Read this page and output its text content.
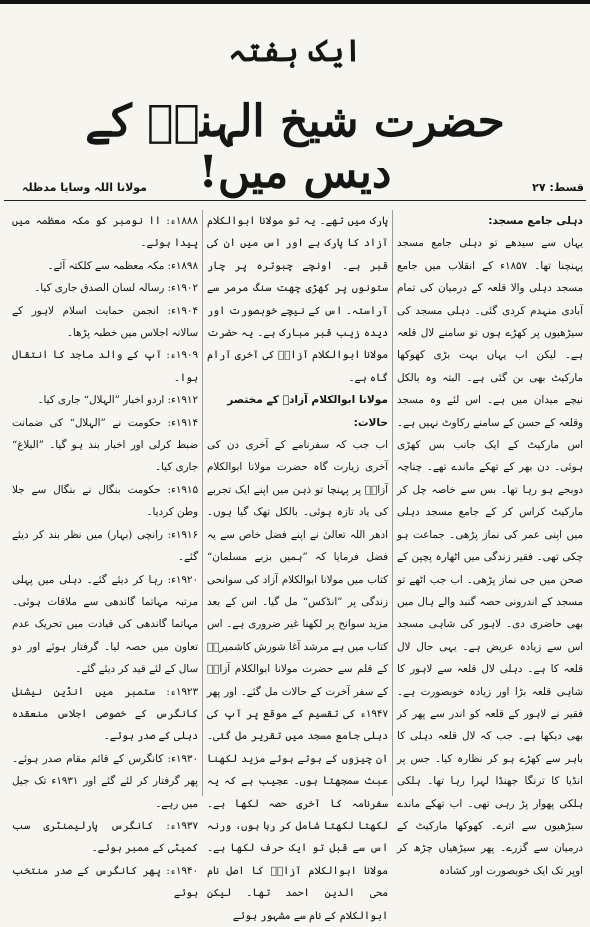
ایک ہفتہ
حضرت شیخ الہندؒ کے دیس میں!	قسط: ۲۷
مولانا اللہ وسایا مدظلہ

دہلی جامع مسجد:

یہاں سے سیدھے تو دہلی جامع مسجد پہنچنا تھا۔ ۱۸۵۷ء کے انقلاب میں جامع مسجد دہلی والا قلعہ کے درمیان کی تمام آبادی منہدم کردی گئی۔ دہلی مسجد کی سیڑھیوں پر کھڑے ہوں تو سامنے لال قلعہ ہے۔ لیکن اب یہاں بہت بڑی کھوکھا مارکیٹ بھی بن گئی ہے۔ البتہ وہ بالکل نیچے میدان میں ہے۔ اس لئے وہ مسجد وقلعہ کے حسن کے سامنے رکاوٹ نہیں ہے۔ اس مارکیٹ کے ایک جانب بس کھڑی ہوئی۔ دن بھر کے تھکے ماندے تھے۔ چناچہ دوبجے ہو رہا تھا۔ بس سے خاصہ چل کر مارکیٹ کراس کر کے جامع مسجد دہلی میں اپنی عمر کی نماز پڑھی۔ جماعت ہو چکی تھی۔ فقیر زندگی میں اٹھارہ پچپن کے صحن میں جی نماز پڑھی۔ اب جب اٹھے تو مسجد کے اندرونی حصہ گنبد والے ہال میں بھی حاضری دی۔ لاہور کی شاہی مسجد اس سے زیادہ عریض ہے۔ یہی حال لال قلعہ کا ہے۔ دہلی لال قلعہ سے لاہور کا شاہی قلعہ بڑا اور زیادہ خوبصورت ہے۔ فقیر نے لاہور کے قلعہ کو اندر سے پھر کر بھی دیکھا ہے۔ جب کہ لال قلعہ دہلی کا باہر سے کھڑے ہو کر نظارہ کیا۔ جس پر انڈیا کا ترنگا جھنڈا لہرا رہا تھا۔ ہلکی ہلکی پھوار پڑ رہی تھی۔ اب تھکے ماندے سیڑھیوں سے اترے۔ کھوکھا مارکیٹ کے درمیان سے گزرے۔ پھر سیڑھیاں چڑھ کر اوپر تک ایک خوبصورت اور کشادہ

پارک میں تھے۔ یہ تو مولانا ابوالکلام آزاد کا پارک ہے اور اس میں ان کی قبر ہے۔ اونچے چبوترہ پر چار ستونوں پر کھڑی چھت سنگ مرمر سے آراستہ۔ اس کے نیچے خوبصورت اور دیدہ زیب قبر مبارک ہے۔ یہ حضرت مولانا ابوالکلام آزادؒ کی آخری آرام گاہ ہے۔

مولانا ابوالکلام آزادؒ کے مختصر حالات:

اب جب کہ سفرنامے کے آخری دن کی آخری زیارت گاہ حضرت مولانا ابوالکلام آزادؒ پر پہنچا تو ذہن میں اپنے ایک تجربے کی یاد تازہ ہوئی۔ بالکل تھک گیا ہوں۔ ادھر اللہ تعالیٰ نے اپنے فضل خاص سے یہ فضل فرمایا کہ ”ہمیں بزبے مسلمان“ کتاب میں مولانا ابوالکلام آزاد کی سوانحی زندگی پر ”انڈکس“ مل گیا۔ اس کے بعد مزید سوانح پر لکھنا غیر ضروری ہے۔ اس کتاب میں ہے مرشد آغا شورش کاشمیریؒ کے قلم سے حضرت مولانا ابوالکلام آزادؒ کے سفر آخرت کے حالات مل گئے۔ اور پھر ۱۹۴۷ء کی تقسیم کے موقع پر آپ کی دہلی جامع مسجد میں تقریر مل گئی۔ ان چیزوں کے ہوتے ہوئے مزید لکھنا عبث سمجھتا ہوں۔ عجیب ہے کہ یہ سفرنامہ کا آخری حصہ لکھا ہے۔ لکھتا لکھتا شامل کر رہا ہوں، ورنہ اس سے قبل تو ایک حرف لکھا ہے۔ مولانا ابوالکلام آزادؒ کا اصل نام محی الدین احمد تھا۔ لیکن ابوالکلام کے نام سے مشہور ہوئے

۱۸۸۸ء: اا نومبر کو مکہ معظمہ میں پیدا ہوئے۔
۱۸۹۸ء: مکہ معظمہ سے کلکتہ آئے۔
۱۹۰۲ء: رسالہ لسان الصدق جاری کیا۔
۱۹۰۴ء: انجمن حمایت اسلام لاہور کے سالانہ اجلاس میں خطبہ پڑھا۔
۱۹۰۹ء: آپ کے والد ماجد کا انتقال ہوا۔
۱۹۱۲ء: اردو اخبار ”الہلال“ جاری کیا۔
۱۹۱۴ء: حکومت نے ”الہلال“ کی ضمانت ضبط کرلی اور اخبار بند ہو گیا۔ ”البلاغ“ جاری کیا۔
۱۹۱۵ء: حکومت بنگال نے بنگال سے جلا وطن کردیا۔
۱۹۱۶ء: رانچی (بہار) میں نظر بند کر دیئے گئے۔
۱۹۲۰ء: رہا کر دیئے گئے۔ دہلی میں پہلی مرتبہ مہاتما گاندھی سے ملاقات ہوئی۔ مہاتما گاندھی کی قیادت میں تحریک عدم تعاون میں حصہ لیا۔ گرفتار ہوئے اور دو سال کے لئے قید کر دیئے گئے۔
۱۹۲۳ء: ستمبر میں انڈین نیشنل کانگرس کے خصوصی اجلاس منعقدہ دہلی کے صدر ہوئے۔
۱۹۳۰ء: کانگرس کے قائم مقام صدر ہوئے۔ پھر گرفتار کر لئے گئے اور ۱۹۳۱ء تک جیل میں رہے۔
۱۹۳۷ء: کانگرس پارلیمنٹری سب کمیٹی کے ممبر ہوئے۔
۱۹۴۰ء: پھر کانگرس کے صدر منتخب ہوئے
